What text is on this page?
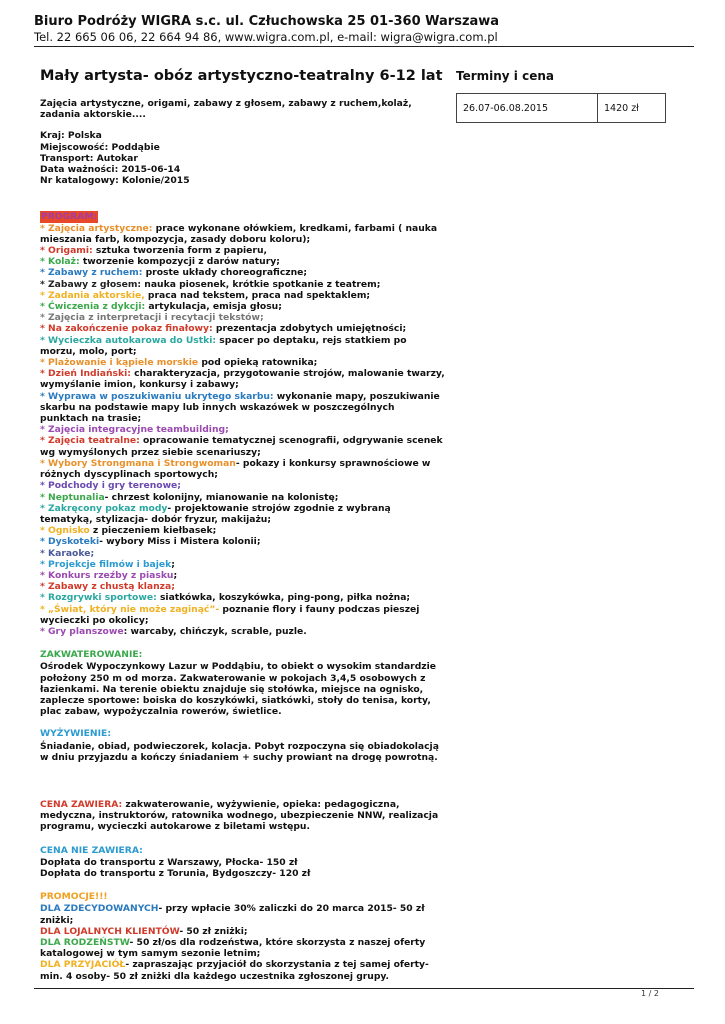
Biuro Podróży WIGRA s.c. ul. Człuchowska 25 01-360 Warszawa
Tel. 22 665 06 06, 22 664 94 86, www.wigra.com.pl, e-mail: wigra@wigra.com.pl
Mały artysta- obóz artystyczno-teatralny 6-12 lat
Zajęcia artystyczne, origami, zabawy z głosem, zabawy z ruchem,kolaż, zadania aktorskie....
Kraj: Polska
Miejscowość: Poddąbie
Transport: Autokar
Data ważności: 2015-06-14
Nr katalogowy: Kolonie/2015
PROGRAM:
* Zajęcia artystyczne: prace wykonane ołówkiem, kredkami, farbami ( nauka mieszania farb, kompozycja, zasady doboru koloru);
* Origami: sztuka tworzenia form z papieru,
* Kolaż: tworzenie kompozycji z darów natury;
* Zabawy z ruchem: proste układy choreograficzne;
* Zabawy z głosem: nauka piosenek, krótkie spotkanie z teatrem;
* Zadania aktorskie, praca nad tekstem, praca nad spektaklem;
* Ćwiczenia z dykcji: artykulacja, emisja głosu;
* Zajęcia z interpretacji i recytacji tekstów;
* Na zakończenie pokaz finałowy: prezentacja zdobytych umiejętności;
* Wycieczka autokarowa do Ustki: spacer po deptaku, rejs statkiem po morzu, molo, port;
* Plażowanie i kąpiele morskie pod opieką ratownika;
* Dzień Indiański: charakteryzacja, przygotowanie strojów, malowanie twarzy, wymyślanie imion, konkursy i zabawy;
* Wyprawa w poszukiwaniu ukrytego skarbu: wykonanie mapy, poszukiwanie skarbu na podstawie mapy lub innych wskazówek w poszczególnych punktach na trasie;
* Zajęcia integracyjne teambuilding;
* Zajęcia teatralne: opracowanie tematycznej scenografii, odgrywanie scenek wg wymyślonych przez siebie scenariuszy;
* Wybory Strongmana i Strongwoman- pokazy i konkursy sprawnościowe w różnych dyscyplinach sportowych;
* Podchody i gry terenowe;
* Neptunalia- chrzest kolonijny, mianowanie na kolonistę;
* Zakręcony pokaz mody- projektowanie strojów zgodnie z wybraną tematyką, stylizacja- dobór fryzur, makijażu;
* Ognisko z pieczeniem kiełbasek;
* Dyskoteki- wybory Miss i Mistera kolonii;
* Karaoke;
* Projekcje filmów i bajek;
* Konkurs rzeźby z piasku;
* Zabawy z chustą klanza;
* Rozgrywki sportowe: siatkówka, koszykówka, ping-pong, piłka nożna;
* „Świat, który nie może zaginąć”- poznanie flory i fauny podczas pieszej wycieczki po okolicy;
* Gry planszowe: warcaby, chińczyk, scrable, puzle.
ZAKWATEROWANIE:
Ośrodek Wypoczynkowy Lazur w Poddąbiu, to obiekt o wysokim standardzie położony 250 m od morza. Zakwaterowanie w pokojach 3,4,5 osobowych z łazienkami. Na terenie obiektu znajduje się stołówka, miejsce na ognisko, zaplecze sportowe: boiska do koszykówki, siatkówki, stoły do tenisa, korty, plac zabaw, wypożyczalnia rowerów, świetlice.
WYŻYWIENIE:
Śniadanie, obiad, podwieczorek, kolacja. Pobyt rozpoczyna się obiadokolacją w dniu przyjazdu a kończy śniadaniem + suchy prowiant na drogę powrotną.
CENA ZAWIERA: zakwaterowanie, wyżywienie, opieka: pedagogiczna, medyczna, instruktorów, ratownika wodnego, ubezpieczenie NNW, realizacja programu, wycieczki autokarowe z biletami wstępu.
CENA NIE ZAWIERA:
Dopłata do transportu z Warszawy, Płocka- 150 zł
Dopłata do transportu z Torunia, Bydgoszczy- 120 zł
PROMOCJE!!!
DLA ZDECYDOWANYCH- przy wpłacie 30% zaliczki do 20 marca 2015- 50 zł zniżki;
DLA LOJALNYCH KLIENTÓW- 50 zł zniżki;
DLA RODZEŃSTW- 50 zł/os dla rodzeństwa, które skorzysta z naszej oferty katalogowej w tym samym sezonie letnim;
DLA PRZYJACIÓŁ- zapraszając przyjaciół do skorzystania z tej samej oferty- min. 4 osoby- 50 zł zniżki dla każdego uczestnika zgłoszonej grupy.
Terminy i cena
26.07-06.08.2015	1420 zł
1 / 2
